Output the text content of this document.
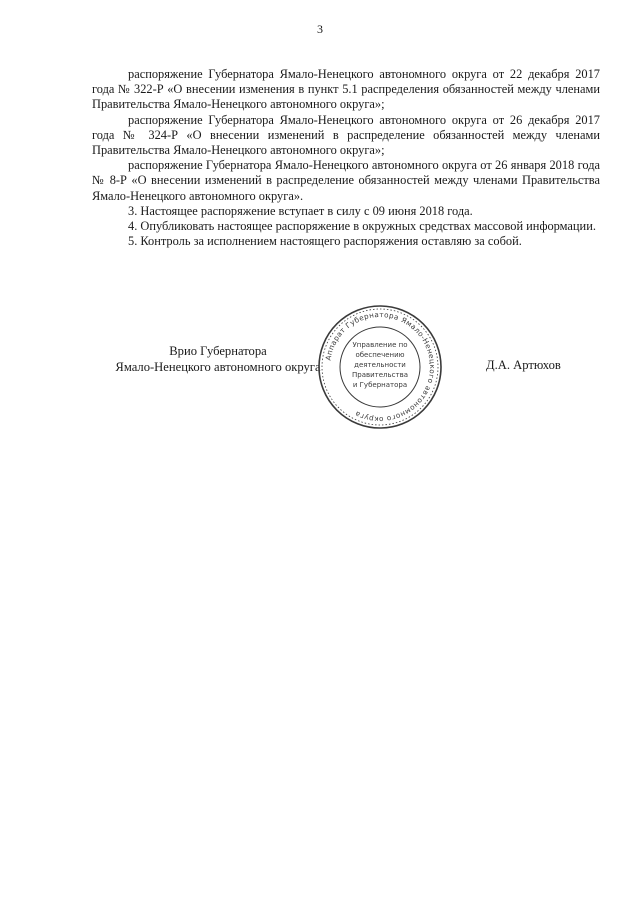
3

распоряжение Губернатора Ямало-Ненецкого автономного округа от 22 декабря 2017 года № 322-Р «О внесении изменения в пункт 5.1 распределения обязанностей между членами Правительства Ямало-Ненецкого автономного округа»;

распоряжение Губернатора Ямало-Ненецкого автономного округа от 26 декабря 2017 года № 324-Р «О внесении изменений в распределение обязанностей между членами Правительства Ямало-Ненецкого автономного округа»;

распоряжение Губернатора Ямало-Ненецкого автономного округа от 26 января 2018 года № 8-Р «О внесении изменений в распределение обязанностей между членами Правительства Ямало-Ненецкого автономного округа».

3. Настоящее распоряжение вступает в силу с 09 июня 2018 года.

4. Опубликовать настоящее распоряжение в окружных средствах массовой информации.

5. Контроль за исполнением настоящего распоряжения оставляю за собой.

Врио Губернатора
Ямало-Ненецкого автономного округа
Аппарат Губернатора Ямало-Ненецкого автономного округа
Управление по
обеспечению
деятельности
Правительства
и Губернатора
Д.А. Артюхов
